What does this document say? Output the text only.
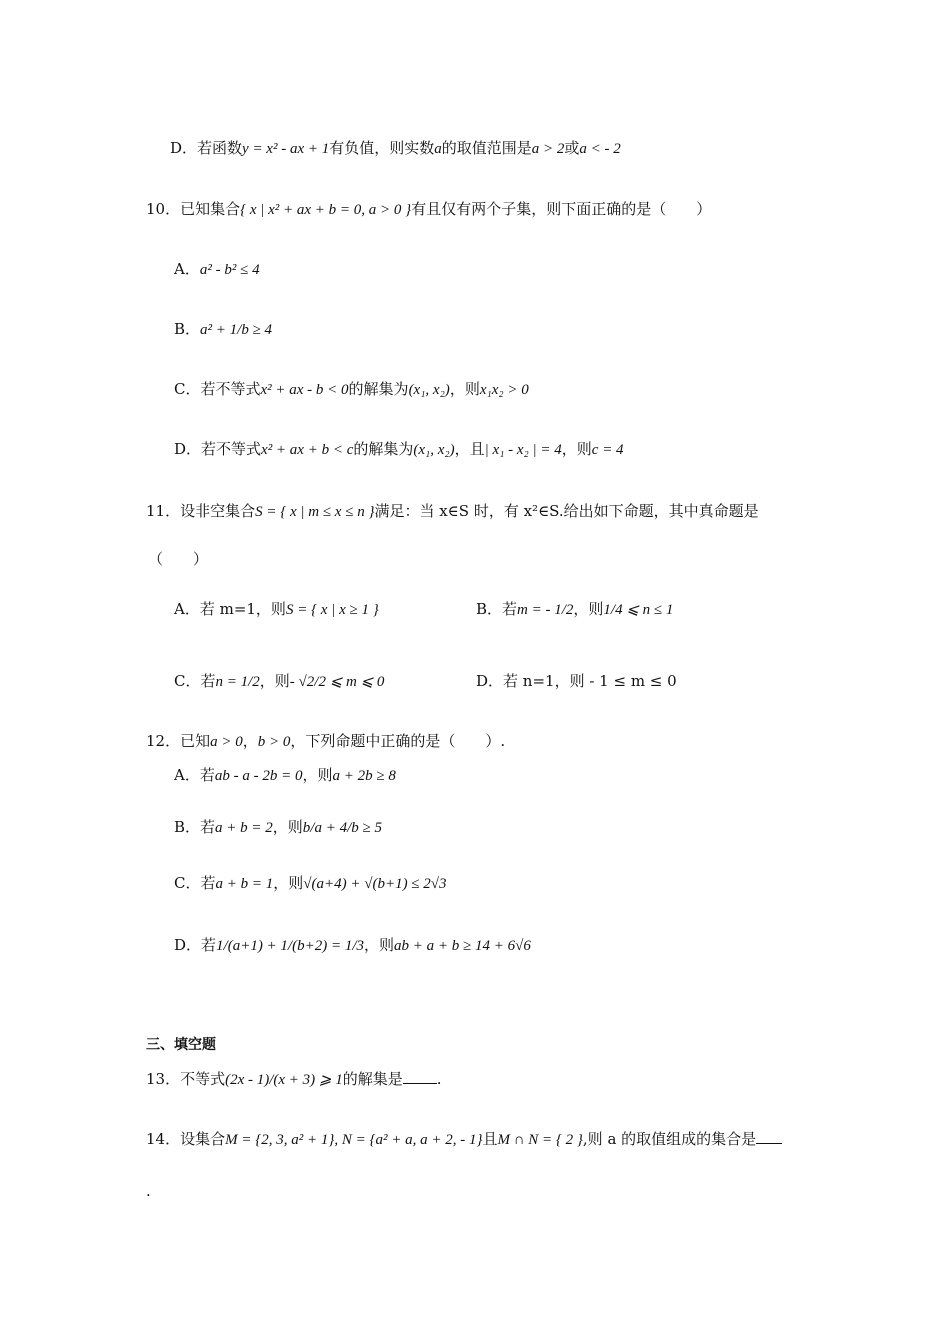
D．若函数y = x² - ax + 1有负值，则实数a的取值范围是a > 2或a < - 2
10．已知集合{ x | x² + ax + b = 0, a > 0 }有且仅有两个子集，则下面正确的是（　　）
A．a² - b² ≤ 4
B．a² + 1/b ≥ 4
C．若不等式x² + ax - b < 0的解集为(x₁, x₂)，则x₁x₂ > 0
D．若不等式x² + ax + b < c的解集为(x₁, x₂)，且| x₁ - x₂ | = 4，则c = 4
11．设非空集合S = { x | m ≤ x ≤ n }满足：当 x∈S 时，有 x²∈S.给出如下命题，其中真命题是
（　　）
A．若 m=1，则S = { x | x ≥ 1 }	B．若m = - 1/2，则1/4 ⩽ n ≤ 1
C．若n = 1/2，则- √2/2 ⩽ m ⩽ 0	D．若 n=1，则 - 1 ≤ m ≤ 0
12．已知a > 0，b > 0，下列命题中正确的是（　　）.
A．若ab - a - 2b = 0，则a + 2b ≥ 8
B．若a + b = 2，则b/a + 4/b ≥ 5
C．若a + b = 1，则√(a+4) + √(b+1) ≤ 2√3
D．若1/(a+1) + 1/(b+2) = 1/3，则ab + a + b ≥ 14 + 6√6
三、填空题
13．不等式(2x - 1)/(x + 3) ⩾ 1的解集是 .
14．设集合M = {2, 3, a² + 1}, N = {a² + a, a + 2, - 1}且M ∩ N = { 2 },则 a 的取值组成的集合是
.
